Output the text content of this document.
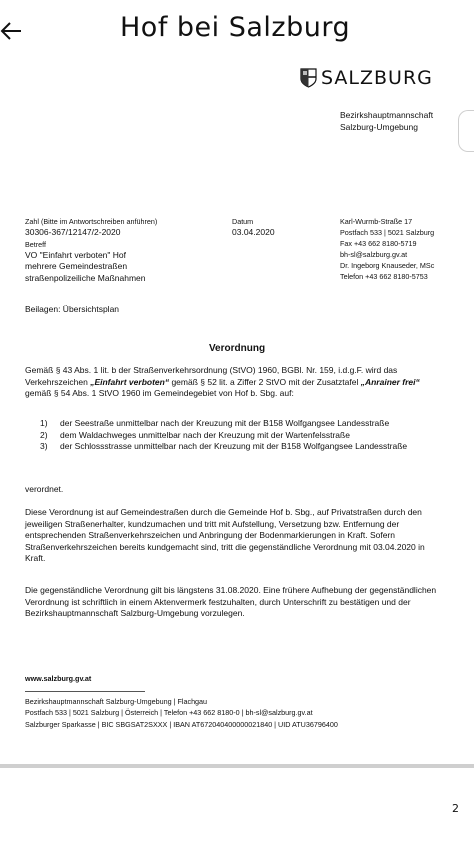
Hof bei Salzburg
SALZBURG
Bezirkshauptmannschaft
Salzburg-Umgebung
Zahl (Bitte im Antwortschreiben anführen)
30306-367/12147/2-2020
Betreff
VO "Einfahrt verboten" Hof
mehrere Gemeindestraßen
straßenpolizeiliche Maßnahmen
Datum
03.04.2020
Karl-Wurmb-Straße 17
Postfach 533 | 5021 Salzburg
Fax +43 662 8180-5719
bh-sl@salzburg.gv.at
Dr. Ingeborg Knauseder, MSc
Telefon +43 662 8180-5753
Beilagen: Übersichtsplan
Verordnung
Gemäß § 43 Abs. 1 lit. b der Straßenverkehrsordnung (StVO) 1960, BGBl. Nr. 159, i.d.g.F. wird das Verkehrszeichen „Einfahrt verboten“ gemäß § 52 lit. a Ziffer 2 StVO mit der Zusatztafel „Anrainer frei“ gemäß § 54 Abs. 1 StVO 1960 im Gemeindegebiet von Hof b. Sbg. auf:
1) der Seestraße unmittelbar nach der Kreuzung mit der B158 Wolfgangsee Landesstraße
2) dem Waldachweges unmittelbar nach der Kreuzung mit der Wartenfelsstraße
3) der Schlossstrasse unmittelbar nach der Kreuzung mit der B158 Wolfgangsee Landesstraße
verordnet.
Diese Verordnung ist auf Gemeindestraßen durch die Gemeinde Hof b. Sbg., auf Privatstraßen durch den jeweiligen Straßenerhalter, kundzumachen und tritt mit Aufstellung, Versetzung bzw. Entfernung der entsprechenden Straßenverkehrszeichen und Anbringung der Bodenmarkierungen in Kraft. Sofern Straßenverkehrszeichen bereits kundgemacht sind, tritt die gegenständliche Verordnung mit 03.04.2020 in Kraft.
Die gegenständliche Verordnung gilt bis längstens 31.08.2020. Eine frühere Aufhebung der gegenständlichen Verordnung ist schriftlich in einem Aktenvermerk festzuhalten, durch Unterschrift zu bestätigen und der Bezirkshauptmannschaft Salzburg-Umgebung vorzulegen.
www.salzburg.gv.at
Bezirkshauptmannschaft Salzburg-Umgebung | Flachgau
Postfach 533 | 5021 Salzburg | Österreich | Telefon +43 662 8180-0 | bh-sl@salzburg.gv.at
Salzburger Sparkasse | BIC SBGSAT2SXXX | IBAN AT672040400000021840 | UID ATU36796400
2
